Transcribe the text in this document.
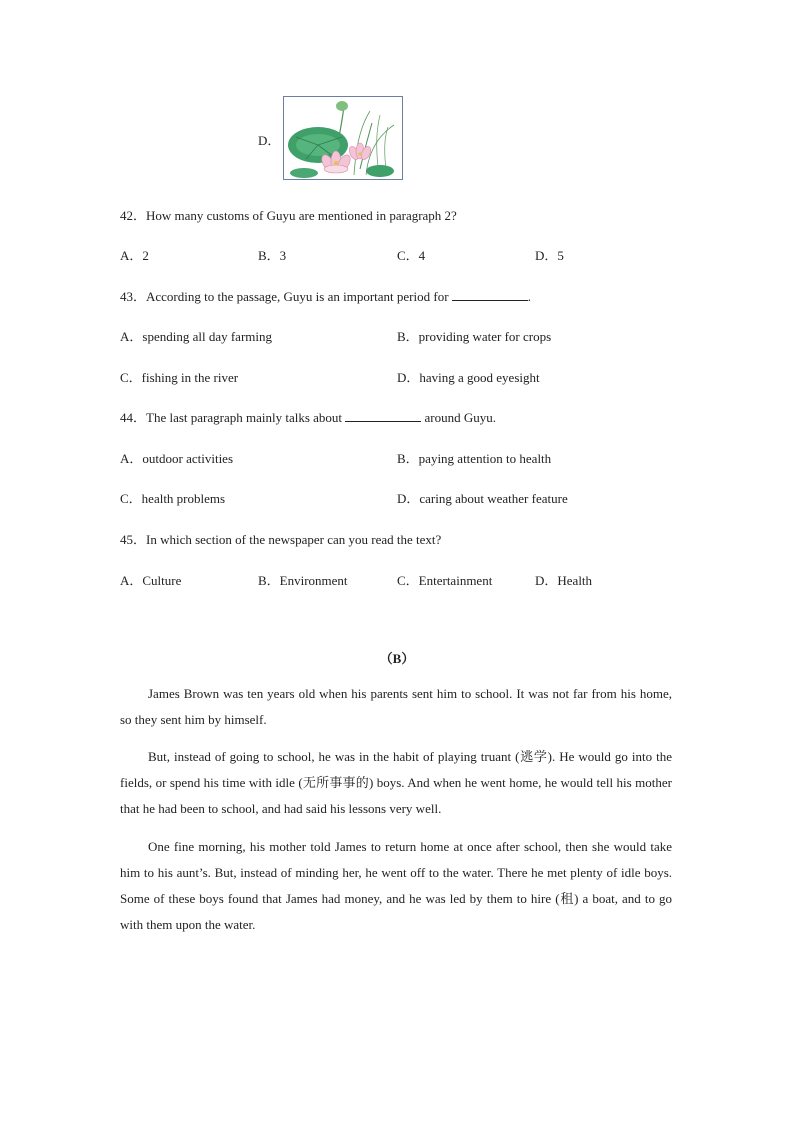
D．
42．How many customs of Guyu are mentioned in paragraph 2?
A．2	B．3	C．4	D．5
43．According to the passage, Guyu is an important period for	.
A．spending all day farming	B．providing water for crops
C．fishing in the river	D．having a good eyesight
44．The last paragraph mainly talks about	around Guyu.
A．outdoor activities	B．paying attention to health
C．health problems	D．caring about weather feature
45．In which section of the newspaper can you read the text?
A．Culture	B．Environment	C．Entertainment	D．Health
（B）
James Brown was ten years old when his parents sent him to school. It was not far from his home, so they sent him by himself.
But, instead of going to school, he was in the habit of playing truant (逃学). He would go into the fields, or spend his time with idle (无所事事的) boys. And when he went home, he would tell his mother that he had been to school, and had said his lessons very well.
One fine morning, his mother told James to return home at once after school, then she would take him to his aunt’s. But, instead of minding her, he went off to the water. There he met plenty of idle boys. Some of these boys found that James had money, and he was led by them to hire (租) a boat, and to go with them upon the water.
